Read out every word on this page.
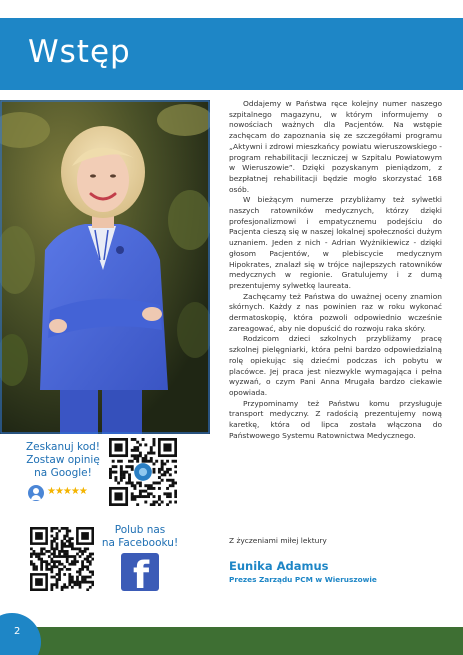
Wstęp

Oddajemy w Państwa ręce kolejny numer naszego szpitalnego magazynu, w którym informujemy o nowościach ważnych dla Pacjentów. Na wstępie zachęcam do zapoznania się ze szczegółami programu „Aktywni i zdrowi mieszkańcy powiatu wieruszowskiego - program rehabilitacji leczniczej w Szpitalu Powiatowym w Wieruszowie”. Dzięki pozyskanym pieniądzom, z bezpłatnej rehabilitacji będzie mogło skorzystać 168 osób.

W bieżącym numerze przybliżamy też sylwetki naszych ratowników medycznych, którzy dzięki profesjonalizmowi i empatycznemu podejściu do Pacjenta cieszą się w naszej lokalnej społeczności dużym uznaniem. Jeden z nich - Adrian Wyżnikiewicz - dzięki głosom Pacjentów, w plebiscycie medycznym Hipokrates, znalazł się w trójce najlepszych ratowników medycznych w regionie. Gratulujemy i z dumą prezentujemy sylwetkę laureata.

Zachęcamy też Państwa do uważnej oceny znamion skórnych. Każdy z nas powinien raz w roku wykonać dermatoskopię, która pozwoli odpowiednio wcześnie zareagować, aby nie dopuścić do rozwoju raka skóry.

Rodzicom dzieci szkolnych przybliżamy pracę szkolnej pielęgniarki, która pełni bardzo odpowiedzialną rolę opiekując się dziećmi podczas ich pobytu w placówce. Jej praca jest niezwykle wymagająca i pełna wyzwań, o czym Pani Anna Mrugała bardzo ciekawie opowiada.

Przypominamy też Państwu komu przysługuje transport medyczny. Z radością prezentujemy nową karetkę, która od lipca została włączona do Państwowego Systemu Ratownictwa Medycznego.

Z życzeniami miłej lektury
Eunika Adamus
Prezes Zarządu PCM w Wieruszowie
Zeskanuj kod!
Zostaw opinię
na Google!
★★★★★
Polub nas
na Facebooku!
f
2
